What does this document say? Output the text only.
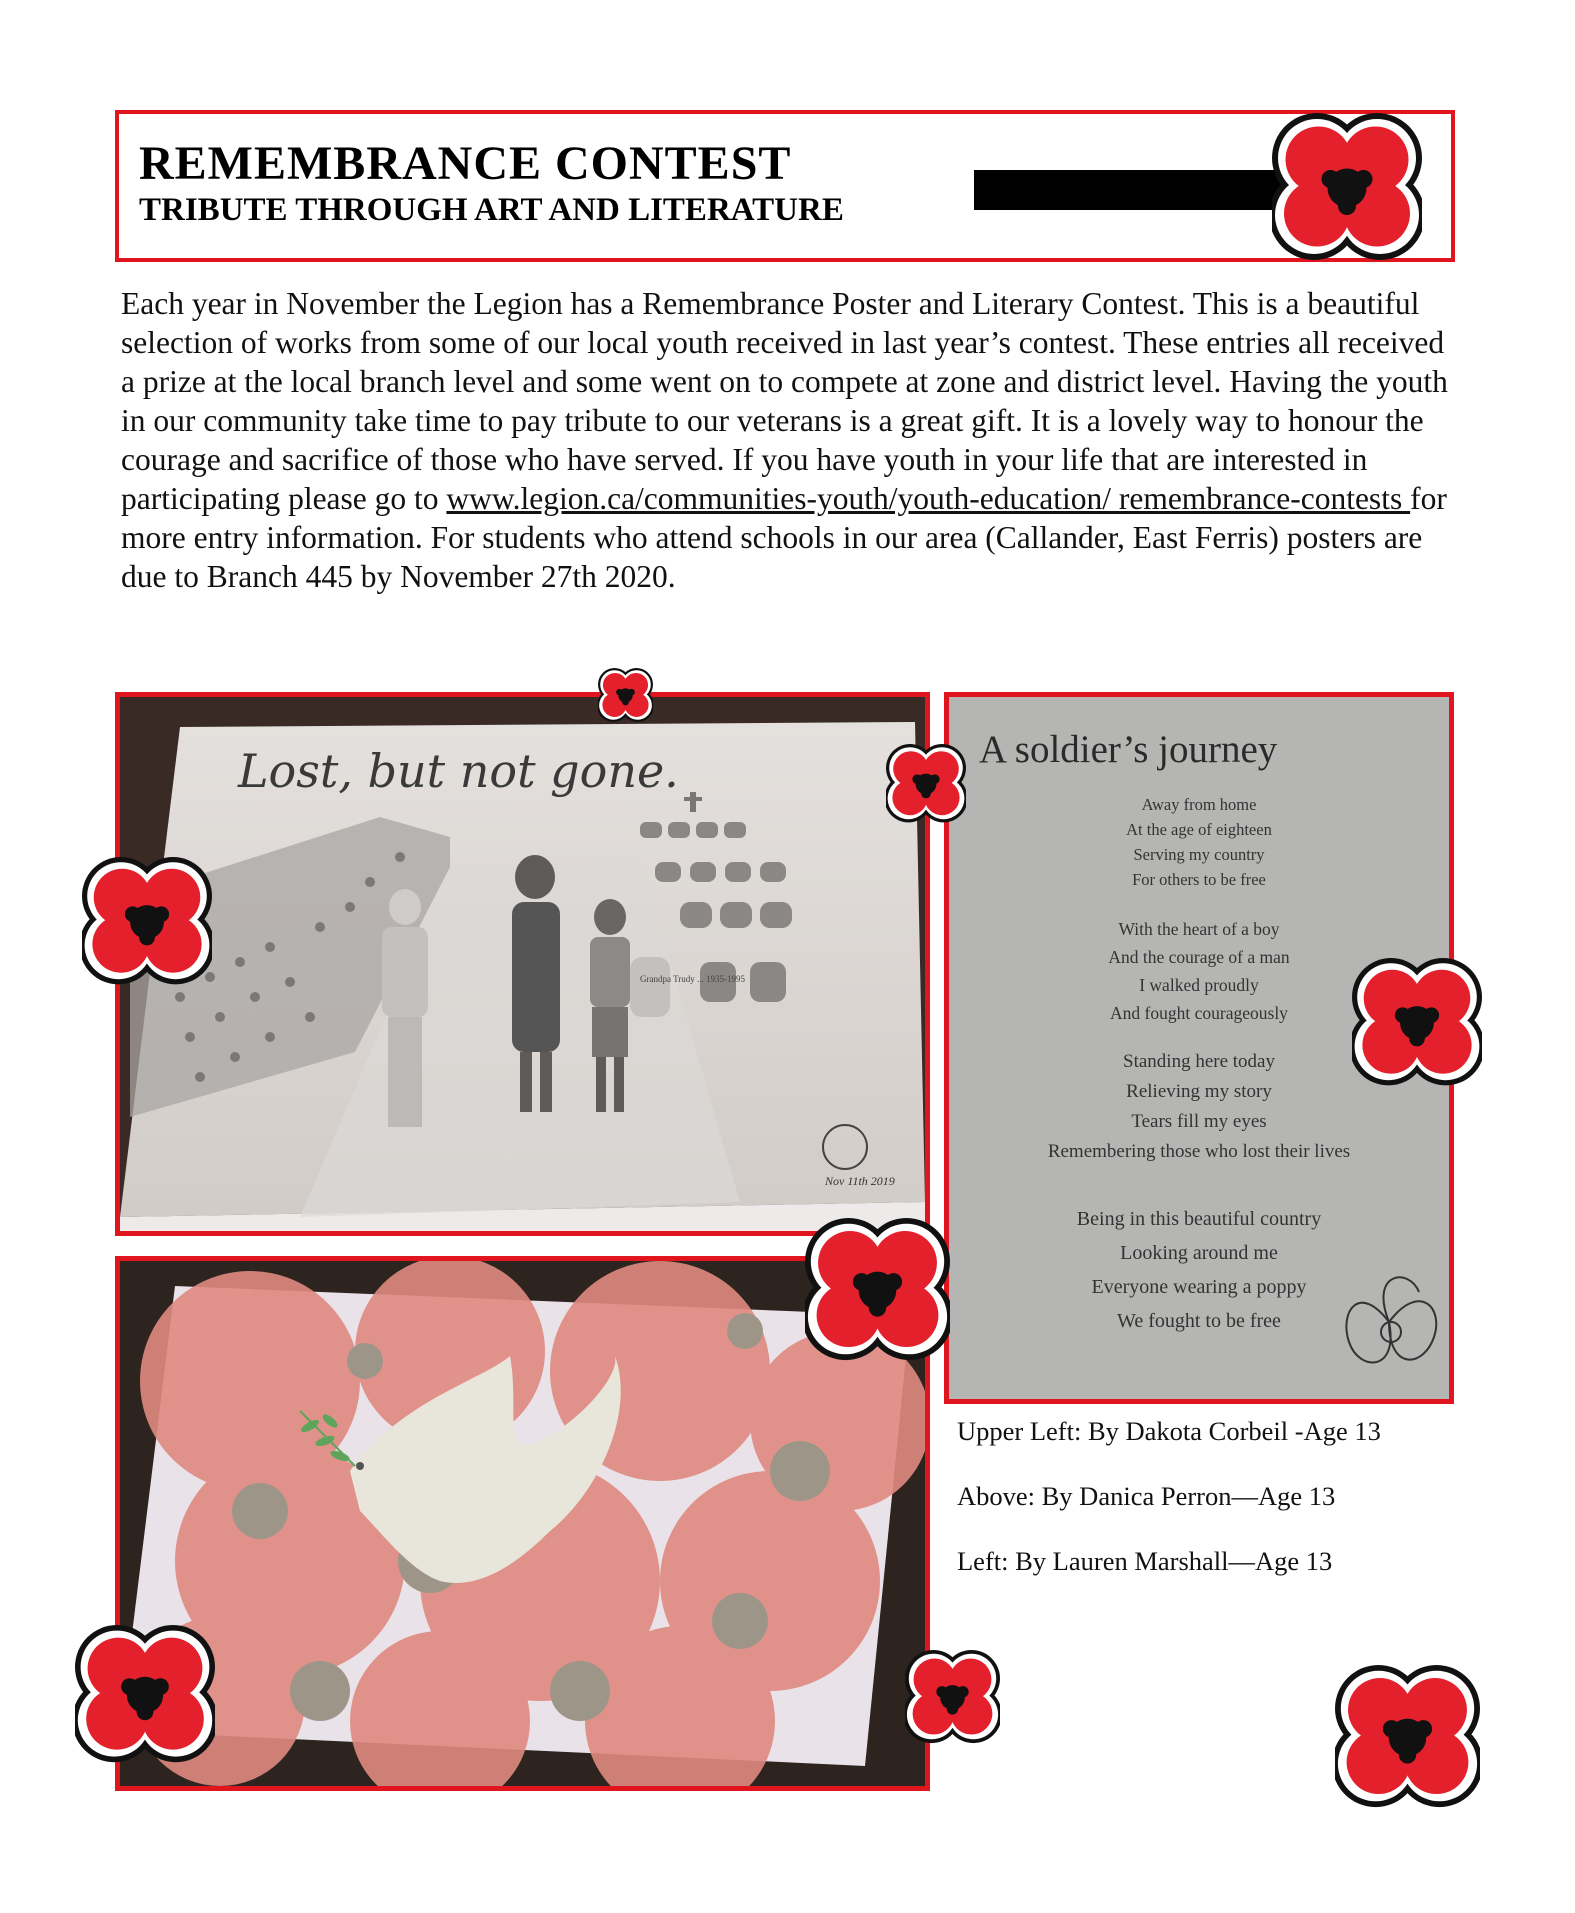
REMEMBRANCE CONTEST
TRIBUTE THROUGH ART AND LITERATURE

Each year in November the Legion has a Remembrance Poster and Literary Contest. This is a beautiful selection of works from some of our local youth received in last year’s contest. These entries all received a prize at the local branch level and some went on to compete at zone and district level. Having the youth in our community take time to pay tribute to our veterans is a great gift. It is a lovely way to honour the courage and sacrifice of those who have served. If you have youth in your life that are interested in participating please go to www.legion.ca/communities-youth/youth-education/ remembrance-contests for more entry information. For students who attend schools in our area (Callander, East Ferris) posters are due to Branch 445 by November 27th 2020.

Lost, but not gone.
Grandpa Trudy ... 1935-1995
Nov 11th 2019
A soldier’s journey
Away from home
At the age of eighteen
Serving my country
For others to be free
With the heart of a boy
And the courage of a man
I walked proudly
And fought courageously
Standing here today
Relieving my story
Tears fill my eyes
Remembering those who lost their lives
Being in this beautiful country
Looking around me
Everyone wearing a poppy
We fought to be free

Upper Left: By Dakota Corbeil -Age 13

Above: By Danica Perron—Age 13

Left: By Lauren Marshall—Age 13
